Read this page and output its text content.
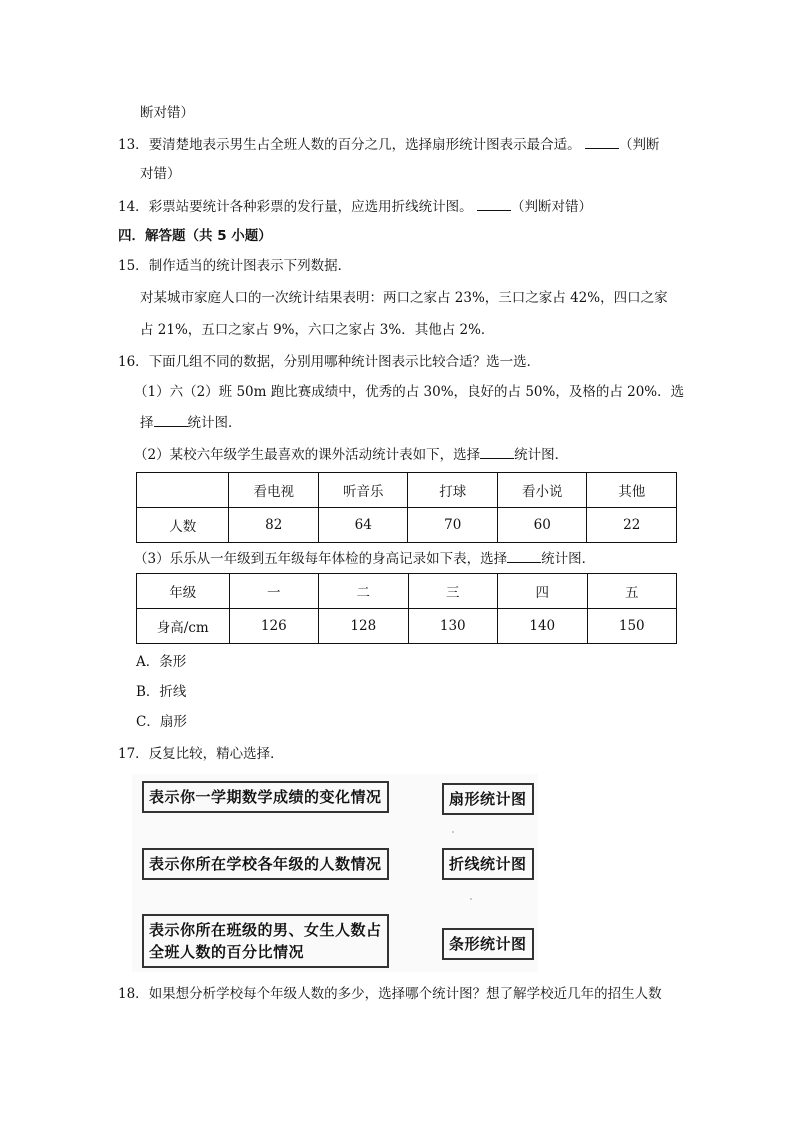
断对错）
13．要清楚地表示男生占全班人数的百分之几，选择扇形统计图表示最合适。	（判断
对错）
14．彩票站要统计各种彩票的发行量，应选用折线统计图。	（判断对错）
四．解答题（共 5 小题）
15．制作适当的统计图表示下列数据．
对某城市家庭人口的一次统计结果表明：两口之家占 23%，三口之家占 42%，四口之家
占 21%，五口之家占 9%，六口之家占 3%．其他占 2%．
16．下面几组不同的数据，分别用哪种统计图表示比较合适？选一选．
（1）六（2）班 50m 跑比赛成绩中，优秀的占 30%，良好的占 50%，及格的占 20%．选
择	统计图．
（2）某校六年级学生最喜欢的课外活动统计表如下，选择	统计图．
	看电视	听音乐	打球	看小说	其他
人数	82	64	70	60	22
（3）乐乐从一年级到五年级每年体检的身高记录如下表，选择	统计图．
年级	一	二	三	四	五
身高/cm	126	128	130	140	150
A．条形
B．折线
C．扇形
17．反复比较，精心选择．
表示你一学期数学成绩的变化情况
表示你所在学校各年级的人数情况
表示你所在班级的男、女生人数占
全班人数的百分比情况
扇形统计图
折线统计图
条形统计图
18．如果想分析学校每个年级人数的多少，选择哪个统计图？想了解学校近几年的招生人数
